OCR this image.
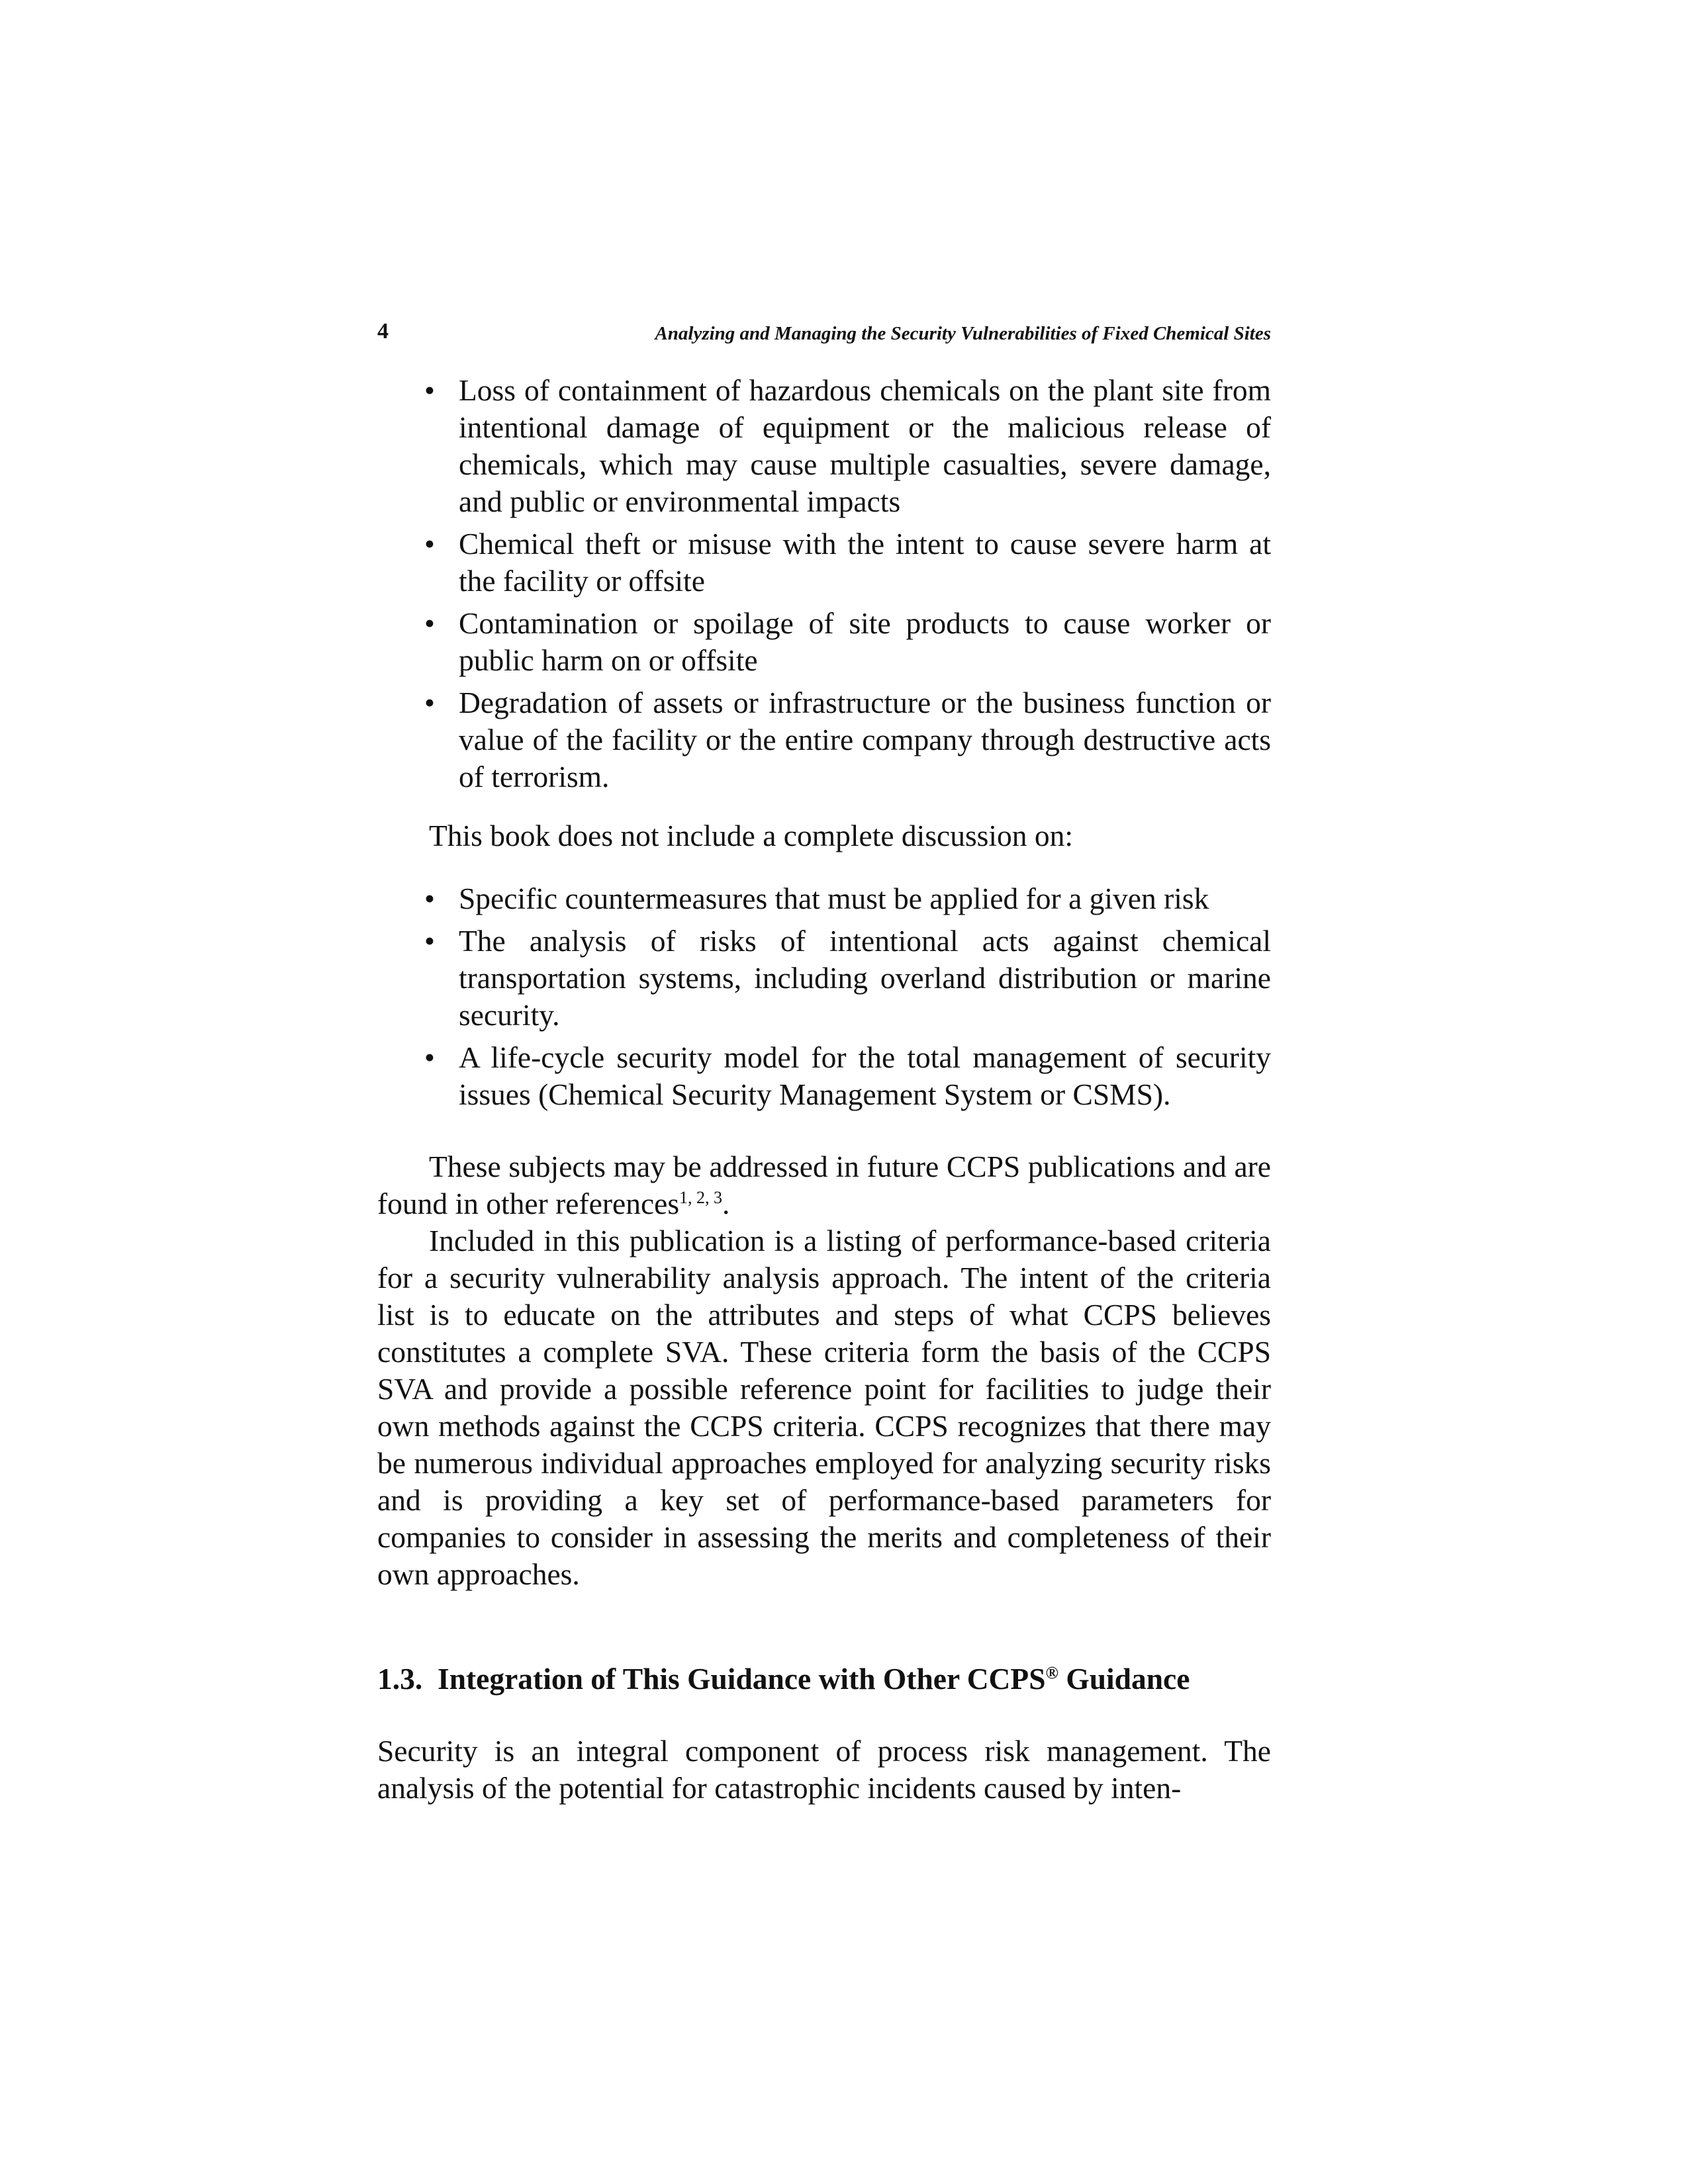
4	Analyzing and Managing the Security Vulnerabilities of Fixed Chemical Sites
• Loss of containment of hazardous chemicals on the plant site from intentional damage of equipment or the malicious release of chemicals, which may cause multiple casualties, severe damage, and public or environmental impacts
• Chemical theft or misuse with the intent to cause severe harm at the facility or offsite
• Contamination or spoilage of site products to cause worker or public harm on or offsite
• Degradation of assets or infrastructure or the business function or value of the facility or the entire company through destructive acts of terrorism.
This book does not include a complete discussion on:
• Specific countermeasures that must be applied for a given risk
• The analysis of risks of intentional acts against chemical transportation systems, including overland distribution or marine security.
• A life-cycle security model for the total management of security issues (Chemical Security Management System or CSMS).

These subjects may be addressed in future CCPS publications and are found in other references$^{1, 2, 3}$.

Included in this publication is a listing of performance-based criteria for a security vulnerability analysis approach. The intent of the criteria list is to educate on the attributes and steps of what CCPS believes constitutes a complete SVA. These criteria form the basis of the CCPS SVA and provide a possible reference point for facilities to judge their own methods against the CCPS criteria. CCPS recognizes that there may be numerous individual approaches employed for analyzing security risks and is providing a key set of performance-based parameters for companies to consider in assessing the merits and completeness of their own approaches.

1.3. Integration of This Guidance with Other CCPS® Guidance
Security is an integral component of process risk management. The analysis of the potential for catastrophic incidents caused by inten-
